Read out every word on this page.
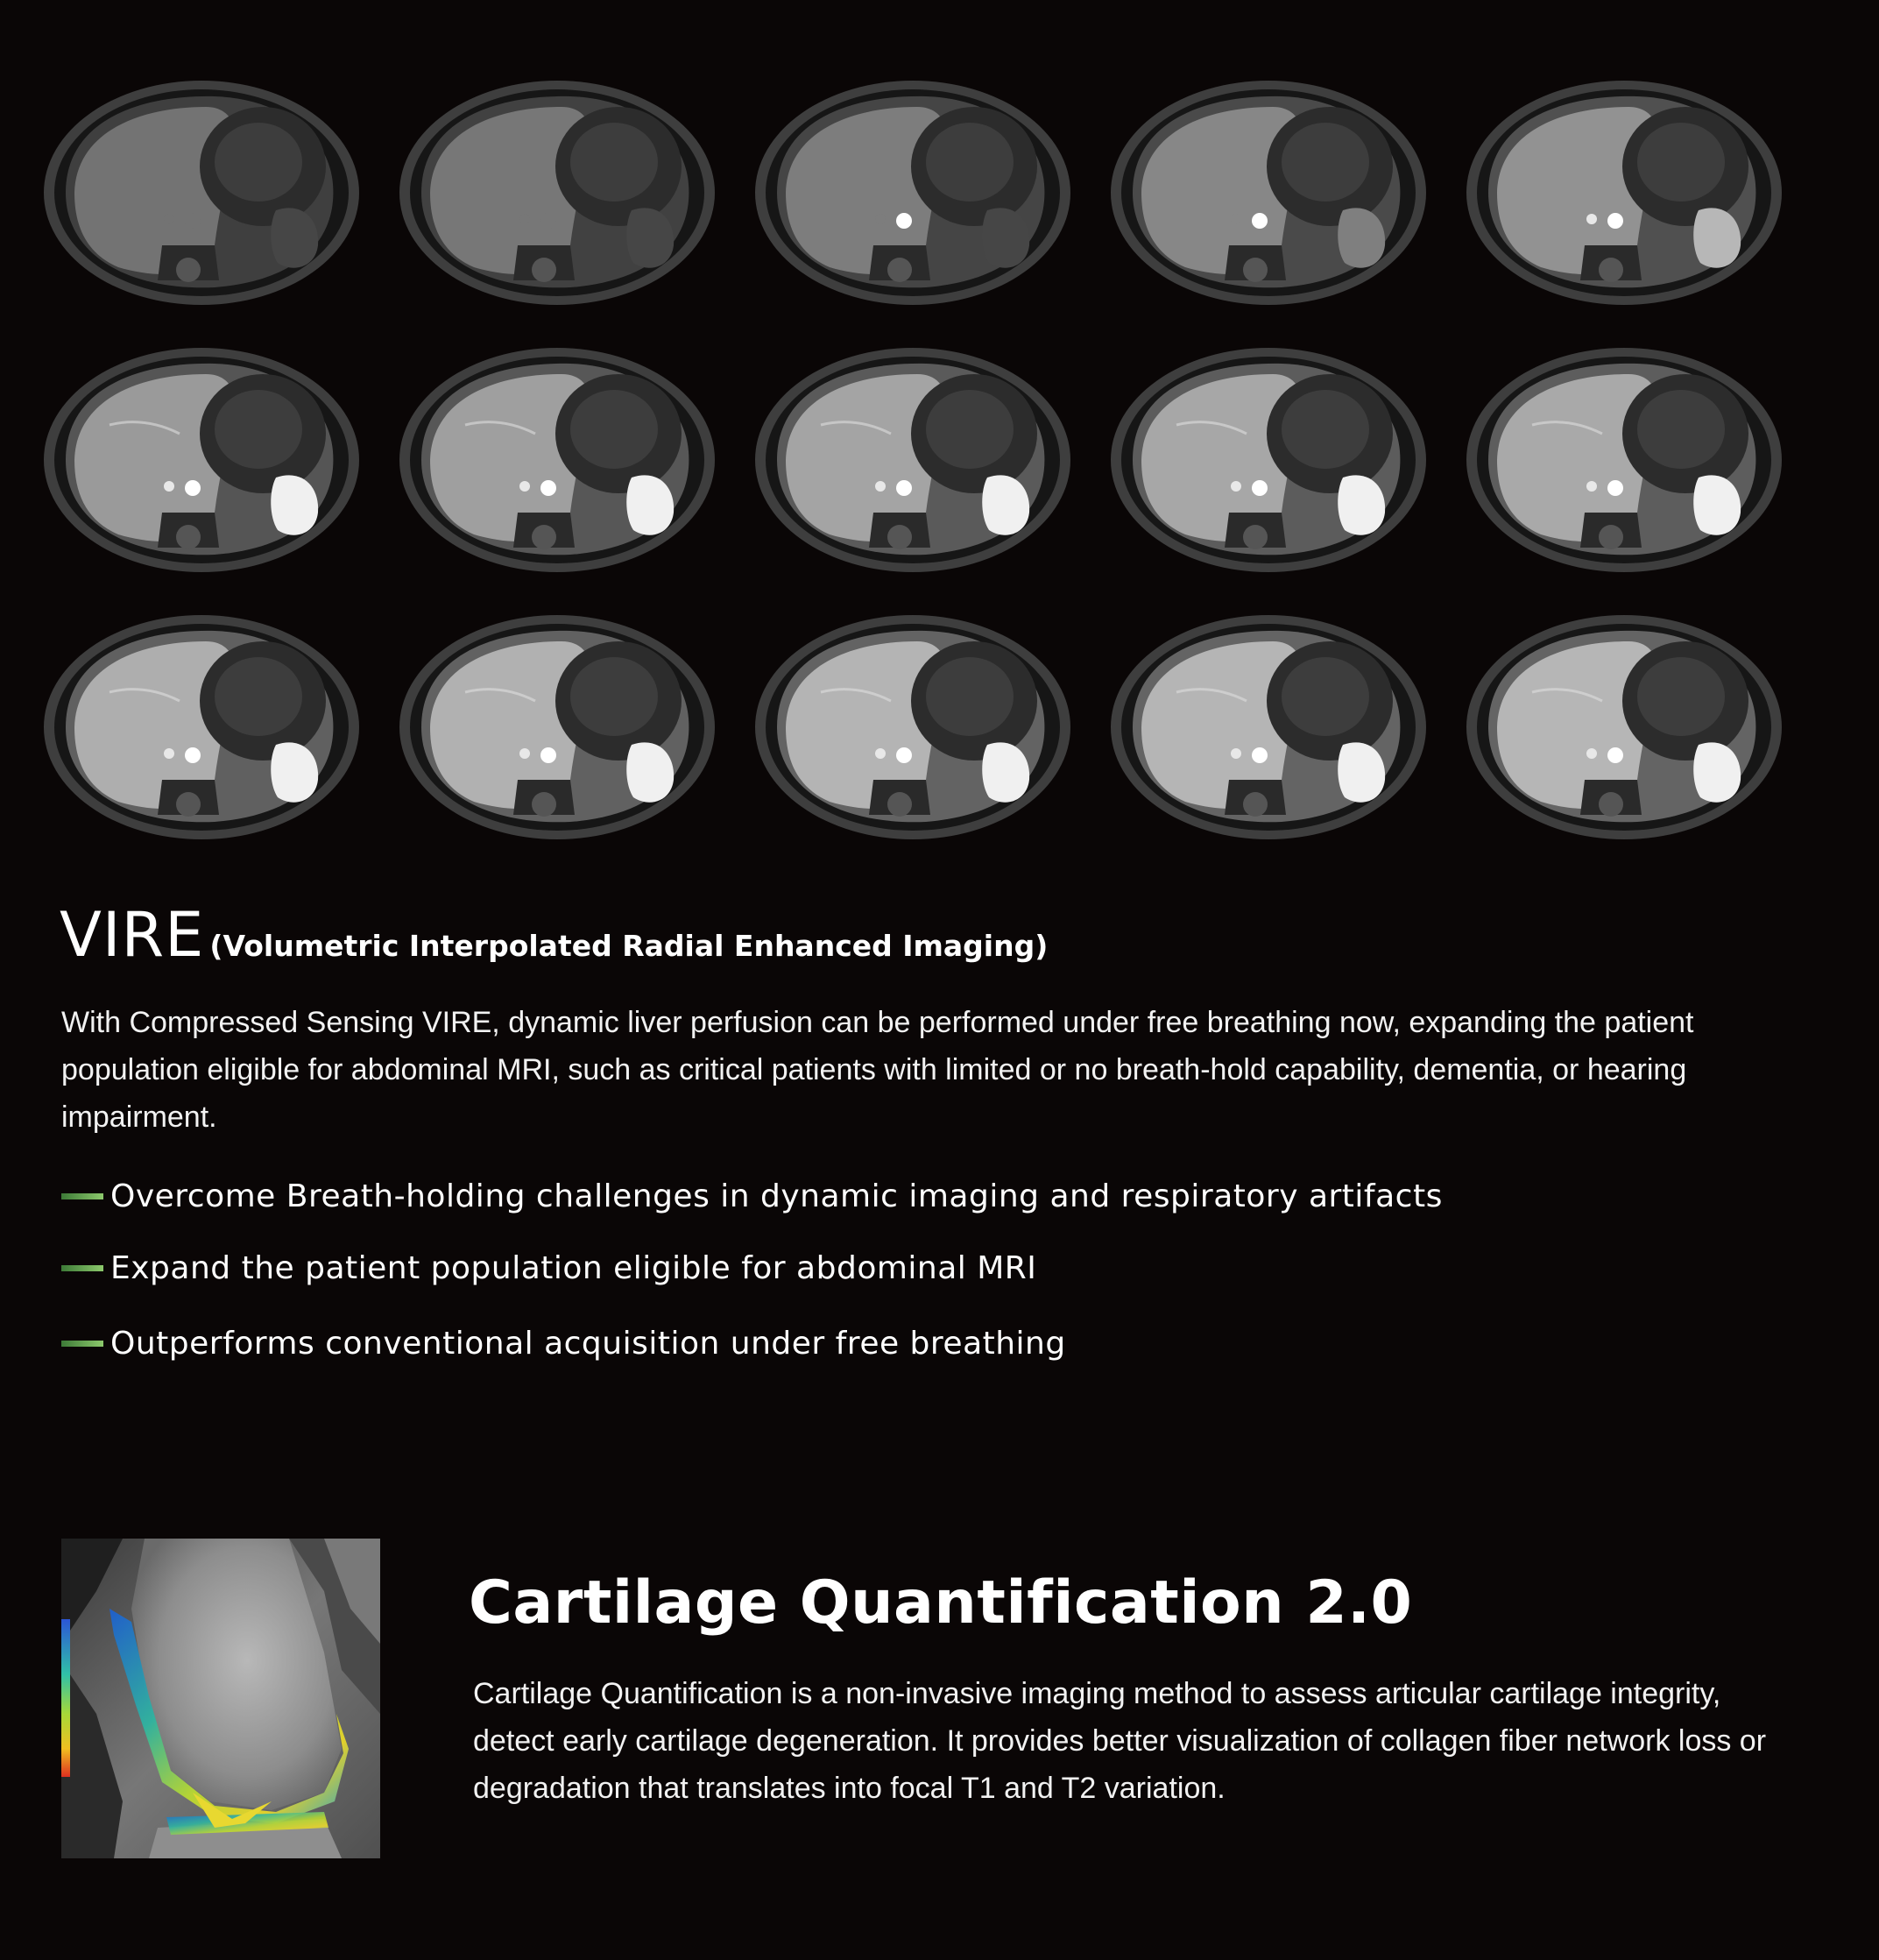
VIRE (Volumetric Interpolated Radial Enhanced Imaging)

With Compressed Sensing VIRE, dynamic liver perfusion can be performed under free breathing now, expanding the patient population eligible for abdominal MRI, such as critical patients with limited or no breath-hold capability, dementia, or hearing impairment.

Overcome Breath-holding challenges in dynamic imaging and respiratory artifacts
Expand the patient population eligible for abdominal MRI
Outperforms conventional acquisition under free breathing
Cartilage Quantification 2.0

Cartilage Quantification is a non-invasive imaging method to assess articular cartilage integrity, detect early cartilage degeneration. It provides better visualization of collagen fiber network loss or degradation that translates into focal T1 and T2 variation.
